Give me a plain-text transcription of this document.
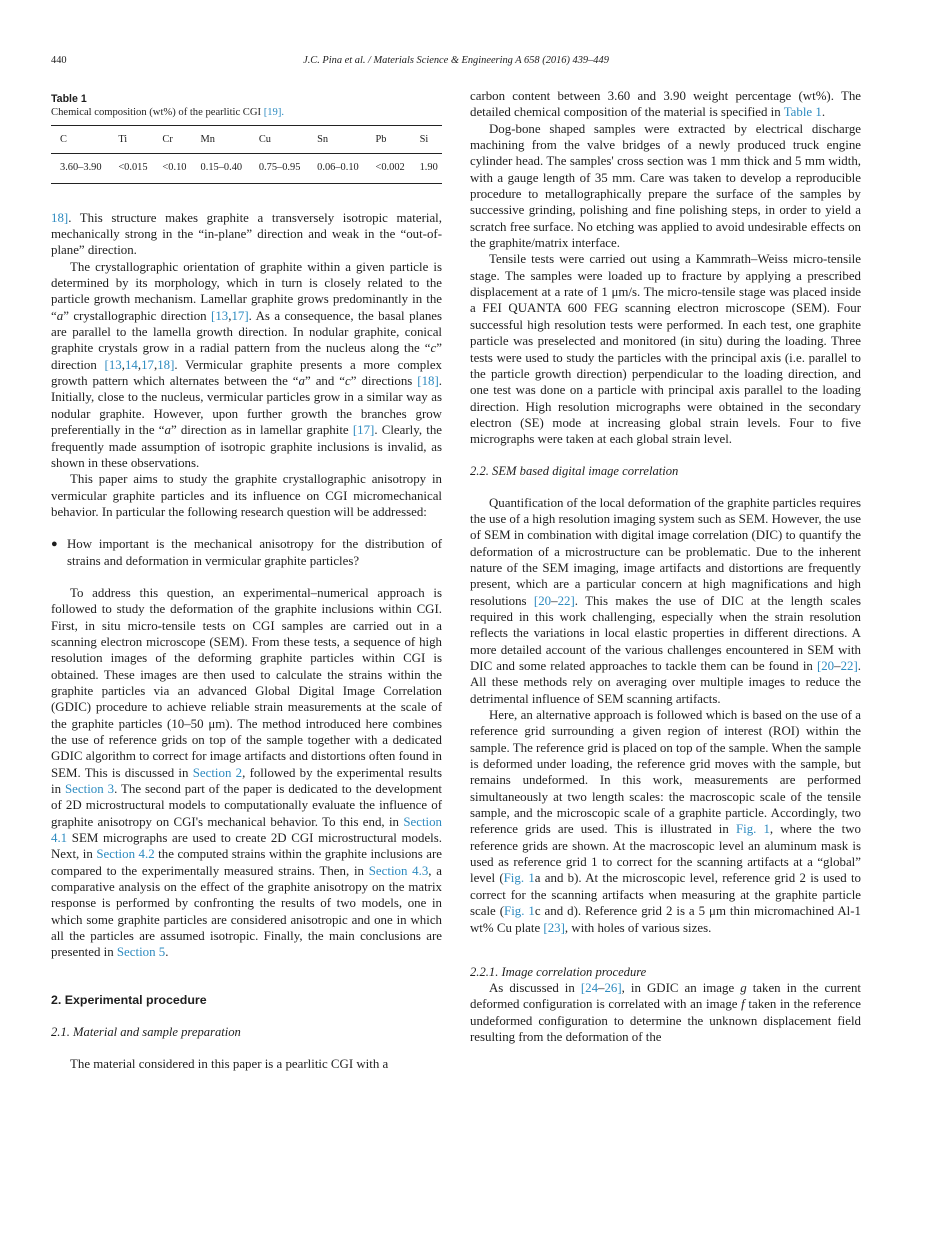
440	J.C. Pina et al. / Materials Science & Engineering A 658 (2016) 439–449
Table 1
Chemical composition (wt%) of the pearlitic CGI [19].
C	Ti	Cr	Mn	Cu	Sn	Pb	Si
3.60–3.90	<0.015	<0.10	0.15–0.40	0.75–0.95	0.06–0.10	<0.002	1.90

18]. This structure makes graphite a transversely isotropic material, mechanically strong in the “in-plane” direction and weak in the “out-of-plane” direction.

The crystallographic orientation of graphite within a given particle is determined by its morphology, which in turn is closely related to the particle growth mechanism. Lamellar graphite grows predominantly in the “a” crystallographic direction [13,17]. As a consequence, the basal planes are parallel to the lamella growth direction. In nodular graphite, conical graphite crystals grow in a radial pattern from the nucleus along the “c” direction [13,14,17,18]. Vermicular graphite presents a more complex growth pattern which alternates between the “a” and “c” directions [18]. Initially, close to the nucleus, vermicular particles grow in a similar way as nodular graphite. However, upon further growth the branches grow preferentially in the “a” direction as in lamellar graphite [17]. Clearly, the frequently made assumption of isotropic graphite inclusions is invalid, as shown in these observations.

This paper aims to study the graphite crystallographic anisotropy in vermicular graphite particles and its influence on CGI micromechanical behavior. In particular the following research question will be addressed:

● How important is the mechanical anisotropy for the distribution of strains and deformation in vermicular graphite particles?

To address this question, an experimental–numerical approach is followed to study the deformation of the graphite inclusions within CGI. First, in situ micro-tensile tests on CGI samples are carried out in a scanning electron microscope (SEM). From these tests, a sequence of high resolution images of the deforming graphite particles within CGI is obtained. These images are then used to calculate the strains within the graphite particles via an advanced Global Digital Image Correlation (GDIC) procedure to achieve reliable strain measurements at the scale of the graphite particles (10–50 μm). The method introduced here combines the use of reference grids on top of the sample together with a dedicated GDIC algorithm to correct for image artifacts and distortions often found in SEM. This is discussed in Section 2, followed by the experimental results in Section 3. The second part of the paper is dedicated to the development of 2D microstructural models to computationally evaluate the influence of graphite anisotropy on CGI's mechanical behavior. To this end, in Section 4.1 SEM micrographs are used to create 2D CGI microstructural models. Next, in Section 4.2 the computed strains within the graphite inclusions are compared to the experimentally measured strains. Then, in Section 4.3, a comparative analysis on the effect of the graphite anisotropy on the matrix response is performed by confronting the results of two models, one in which some graphite particles are considered anisotropic and one in which all the particles are assumed isotropic. Finally, the main conclusions are presented in Section 5.

2. Experimental procedure
2.1. Material and sample preparation

The material considered in this paper is a pearlitic CGI with a

carbon content between 3.60 and 3.90 weight percentage (wt%). The detailed chemical composition of the material is specified in Table 1.

Dog-bone shaped samples were extracted by electrical discharge machining from the valve bridges of a newly produced truck engine cylinder head. The samples' cross section was 1 mm thick and 5 mm width, with a gauge length of 35 mm. Care was taken to develop a reproducible procedure to metallographically prepare the surface of the samples by successive grinding, polishing and fine polishing steps, in order to yield a scratch free surface. No etching was applied to avoid undesirable effects on the graphite/matrix interface.

Tensile tests were carried out using a Kammrath–Weiss micro-tensile stage. The samples were loaded up to fracture by applying a prescribed displacement at a rate of 1 μm/s. The micro-tensile stage was placed inside a FEI QUANTA 600 FEG scanning electron microscope (SEM). Four successful high resolution tests were performed. In each test, one graphite particle was preselected and monitored (in situ) during the loading. Three tests were used to study the particles with the principal axis (i.e. parallel to the particle growth direction) perpendicular to the loading direction, and one test was done on a particle with principal axis parallel to the loading direction. High resolution micrographs were obtained in the secondary electron (SE) mode at increasing global strain levels. Four to five micrographs were taken at each global strain level.

2.2. SEM based digital image correlation

Quantification of the local deformation of the graphite particles requires the use of a high resolution imaging system such as SEM. However, the use of SEM in combination with digital image correlation (DIC) to quantify the deformation of a microstructure can be problematic. Due to the inherent nature of the SEM imaging, image artifacts and distortions are frequently present, which are a particular concern at high magnifications and high resolutions [20–22]. This makes the use of DIC at the length scales required in this work challenging, especially when the strain resolution reflects the variations in local elastic properties in different directions. A more detailed account of the various challenges encountered in SEM with DIC and some related approaches to tackle them can be found in [20–22]. All these methods rely on averaging over multiple images to reduce the detrimental influence of SEM scanning artifacts.

Here, an alternative approach is followed which is based on the use of a reference grid surrounding a given region of interest (ROI) within the sample. The reference grid is placed on top of the sample. When the sample is deformed under loading, the reference grid moves with the sample, but remains undeformed. In this work, measurements are performed simultaneously at two length scales: the macroscopic scale of the tensile sample, and the microscopic scale of a graphite particle. Accordingly, two reference grids are used. This is illustrated in Fig. 1, where the two reference grids are shown. At the macroscopic level an aluminum mask is used as reference grid 1 to correct for the scanning artifacts at a “global” level (Fig. 1a and b). At the microscopic level, reference grid 2 is used to correct for the scanning artifacts when measuring at the graphite particle scale (Fig. 1c and d). Reference grid 2 is a 5 μm thin micromachined Al-1 wt% Cu plate [23], with holes of various sizes.

2.2.1. Image correlation procedure

As discussed in [24–26], in GDIC an image g taken in the current deformed configuration is correlated with an image f taken in the reference undeformed configuration to determine the unknown displacement field resulting from the deformation of the
